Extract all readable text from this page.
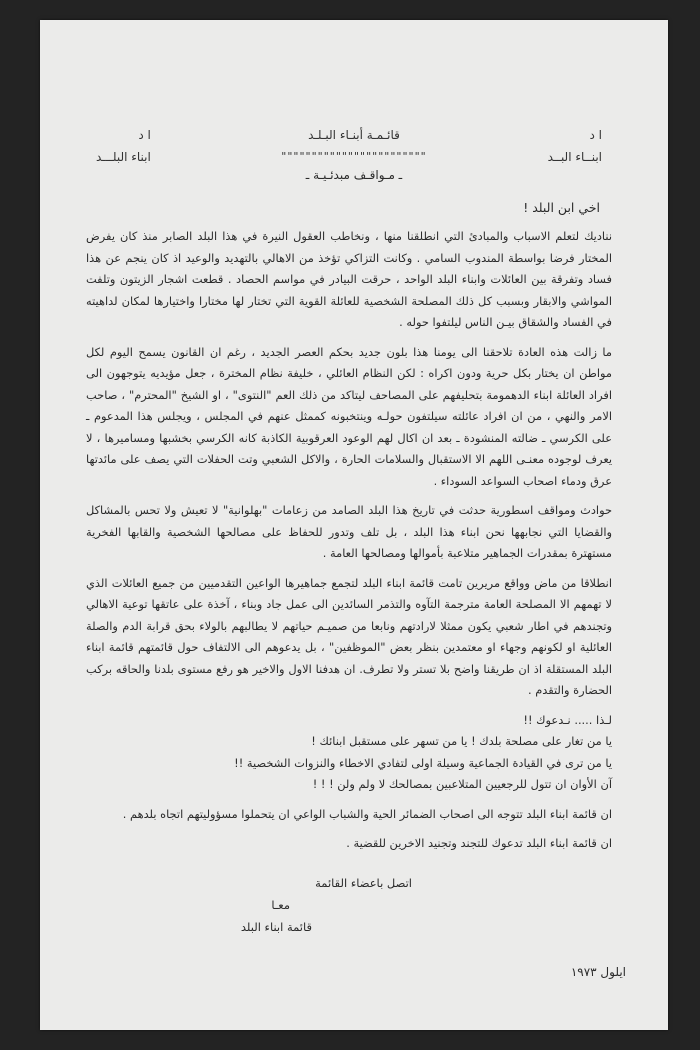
ا د
ابنــاء البــد
قائـمـة أبنـاء البـلـد
""""""""""""""""""""""""
ا د
ابناء البلـــد
ـ مـواقـف مبدئـيـة ـ
اخي ابن البلد !

نناديك لتعلم الاسباب والمبادئ التي انطلقنا منها ، ونخاطب العقول النيرة في هذا البلد الصابر منذ كان يفرض المختار فرضا بواسطة المندوب السامي . وكانت التزاكي تؤخذ من الاهالي بالتهديد والوعيد اذ كان ينجم عن هذا فساد وتفرقة بين العائلات وابناء البلد الواحد ، حرقت البيادر في مواسم الحصاد . قطعت اشجار الزيتون وتلفت المواشي والابقار وبسبب كل ذلك المصلحة الشخصية للعائلة القوية التي تختار لها مختارا واختيارها لمكان لداهيته في الفساد والشقاق بيـن الناس ليلتفوا حوله .

ما زالت هذه العادة تلاحقنا الى يومنا هذا بلون جديد بحكم العصر الجديد ، رغم ان القانون يسمح اليوم لكل مواطن ان يختار بكل حرية ودون اكراه : لكن النظام العائلي ، خليفة نظام المخترة ، جعل مؤيديه يتوجهون الى افراد العائلة ابناء الدهمومة بتحليفهم على المصاحف ليتاكد من ذلك العم "النتوى" ، او الشيخ "المحترم" ، صاحب الامر والنهي ، من ان افراد عائلته سيلتفون حولـه وينتخبونه كممثل عنهم في المجلس ، ويجلس هذا المدعوم ـ على الكرسي ـ ضالته المنشودة ـ بعد ان اكال لهم الوعود العرقوبية الكاذبة كانه الكرسي بخشبها ومساميرها ، لا يعرف لوجوده معنـى اللهم الا الاستقبال والسلامات الحارة ، والاكل الشعبي وتت الحفلات التي يصف على مائدتها عرق ودماء اصحاب السواعد السوداء .

حوادث ومواقف اسطورية حدثت في تاريخ هذا البلد الصامد من زعامات "بهلوانية" لا تعيش ولا تحس بالمشاكل والقضايا التي نجابهها نحن ابناء هذا البلد ، بل تلف وتدور للحفاظ على مصالحها الشخصية والقابها الفخرية مستهترة بمقدرات الجماهير متلاعبة بأموالها ومصالحها العامة .

انطلاقا من ماض وواقع مريرين تامت قائمة ابناء البلد لتجمع جماهيرها الواعين التقدميين من جميع العائلات الذي لا تهمهم الا المصلحة العامة مترجمة التآوه والتذمر السائدين الى عمل جاد وبناء ، آخذة على عاتقها توعية الاهالي وتجندهم في اطار شعبي يكون ممثلا لارادتهم ونابعا من صميـم حياتهم لا يطالبهم بالولاء بحق قرابة الدم والصلة العائلية او لكونهم وجهاء او معتمدين بنظر بعض "الموظفين" ، بل يدعوهم الى الالتفاف حول قائمتهم قائمة ابناء البلد المستقلة اذ ان طريقنا واضح بلا تستر ولا تطرف. ان هدفنا الاول والاخير هو رفع مستوى بلدنا والحاقه بركب الحضارة والتقدم .

لـذا ..... نـدعوك !!

يا من تغار على مصلحة بلدك ! يا من تسهر على مستقبل ابنائك !

يا من ترى في القيادة الجماعية وسيلة اولى لتفادي الاخطاء والنزوات الشخصية !!

آن الأوان ان تتول للرجعيين المتلاعبين بمصالحك لا ولم ولن ! ! !

ان قائمة ابناء البلد تتوجه الى اصحاب الضمائر الحية والشباب الواعي ان يتحملوا مسؤوليتهم اتجاه بلدهم .

ان قائمة ابناء البلد تدعوك للتجند وتجنيد الاخرين للقضية .

اتصل باعضاء القائمة
معـا
قائمة ابناء البلد
ايلول ١٩٧٣
